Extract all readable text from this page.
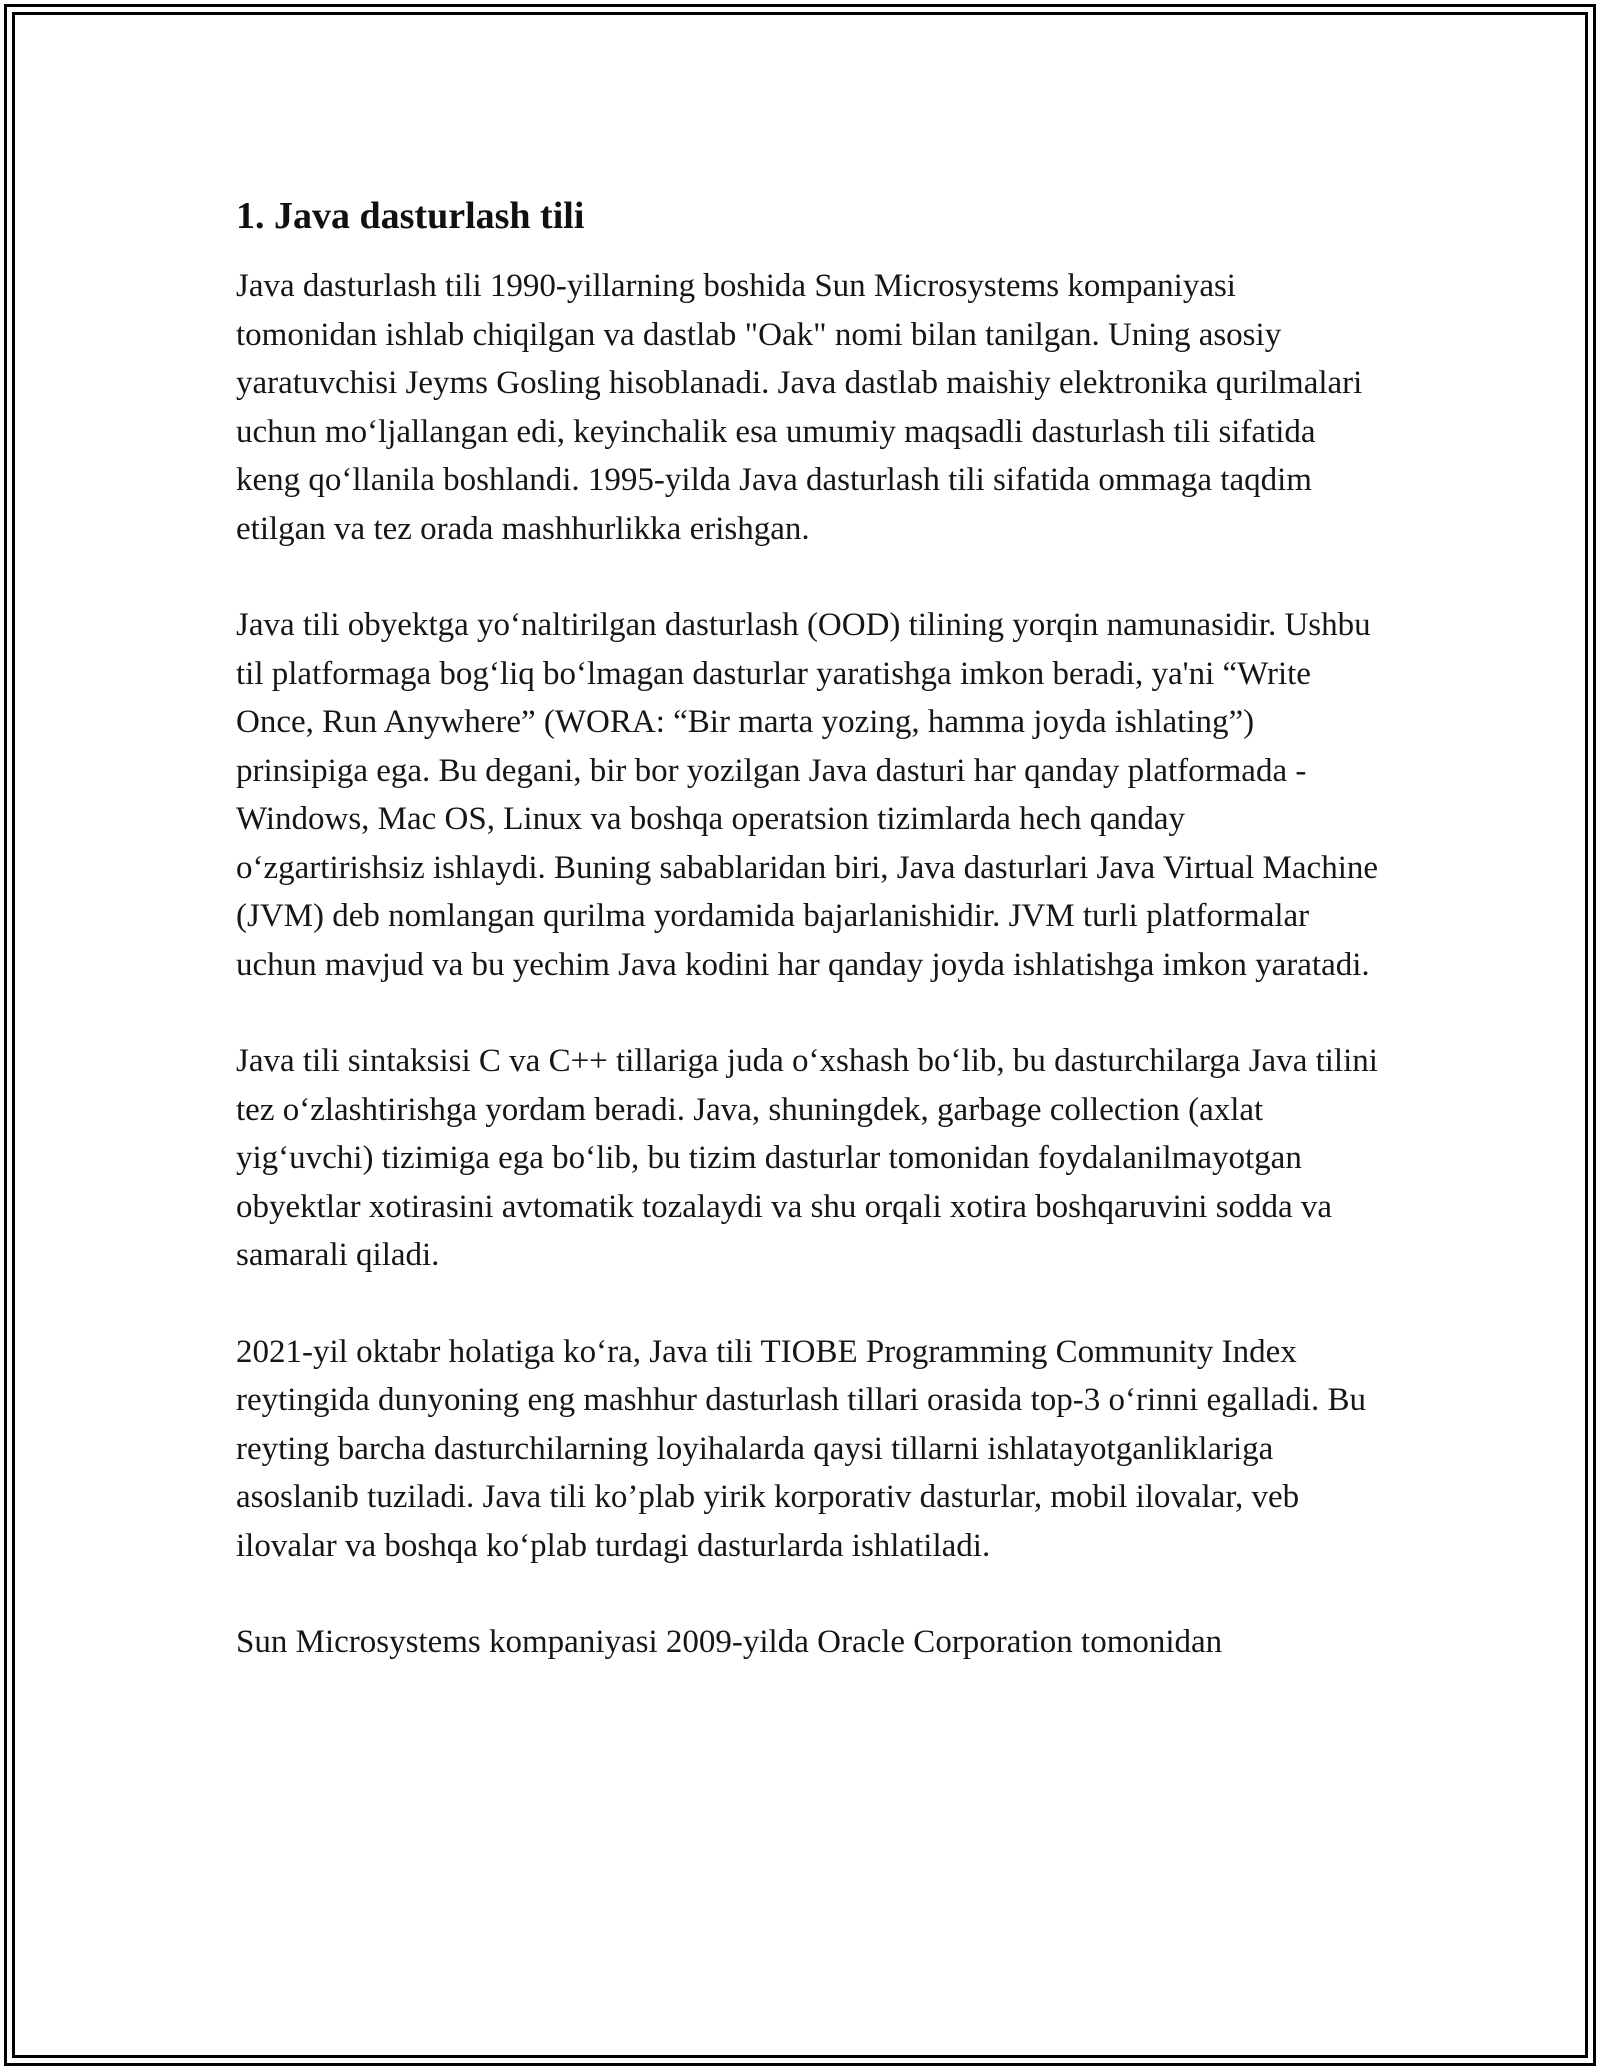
1. Java dasturlash tili

Java dasturlash tili 1990-yillarning boshida Sun Microsystems kompaniyasi tomonidan ishlab chiqilgan va dastlab "Oak" nomi bilan tanilgan. Uning asosiy yaratuvchisi Jeyms Gosling hisoblanadi. Java dastlab maishiy elektronika qurilmalari uchun moʻljallangan edi, keyinchalik esa umumiy maqsadli dasturlash tili sifatida keng qoʻllanila boshlandi. 1995-yilda Java dasturlash tili sifatida ommaga taqdim etilgan va tez orada mashhurlikka erishgan.

Java tili obyektga yoʻnaltirilgan dasturlash (OOD) tilining yorqin namunasidir. Ushbu til platformaga bogʻliq boʻlmagan dasturlar yaratishga imkon beradi, ya'ni “Write Once, Run Anywhere” (WORA: “Bir marta yozing, hamma joyda ishlating”) prinsipiga ega. Bu degani, bir bor yozilgan Java dasturi har qanday platformada - Windows, Mac OS, Linux va boshqa operatsion tizimlarda hech qanday oʻzgartirishsiz ishlaydi. Buning sabablaridan biri, Java dasturlari Java Virtual Machine (JVM) deb nomlangan qurilma yordamida bajarlanishidir. JVM turli platformalar uchun mavjud va bu yechim Java kodini har qanday joyda ishlatishga imkon yaratadi.

Java tili sintaksisi C va C++ tillariga juda oʻxshash boʻlib, bu dasturchilarga Java tilini tez oʻzlashtirishga yordam beradi. Java, shuningdek, garbage collection (axlat yigʻuvchi) tizimiga ega boʻlib, bu tizim dasturlar tomonidan foydalanilmayotgan obyektlar xotirasini avtomatik tozalaydi va shu orqali xotira boshqaruvini sodda va samarali qiladi.

2021-yil oktabr holatiga koʻra, Java tili TIOBE Programming Community Index reytingida dunyoning eng mashhur dasturlash tillari orasida top-3 oʻrinni egalladi. Bu reyting barcha dasturchilarning loyihalarda qaysi tillarni ishlatayotganliklariga asoslanib tuziladi. Java tili ko’plab yirik korporativ dasturlar, mobil ilovalar, veb ilovalar va boshqa koʻplab turdagi dasturlarda ishlatiladi.

Sun Microsystems kompaniyasi 2009-yilda Oracle Corporation tomonidan
